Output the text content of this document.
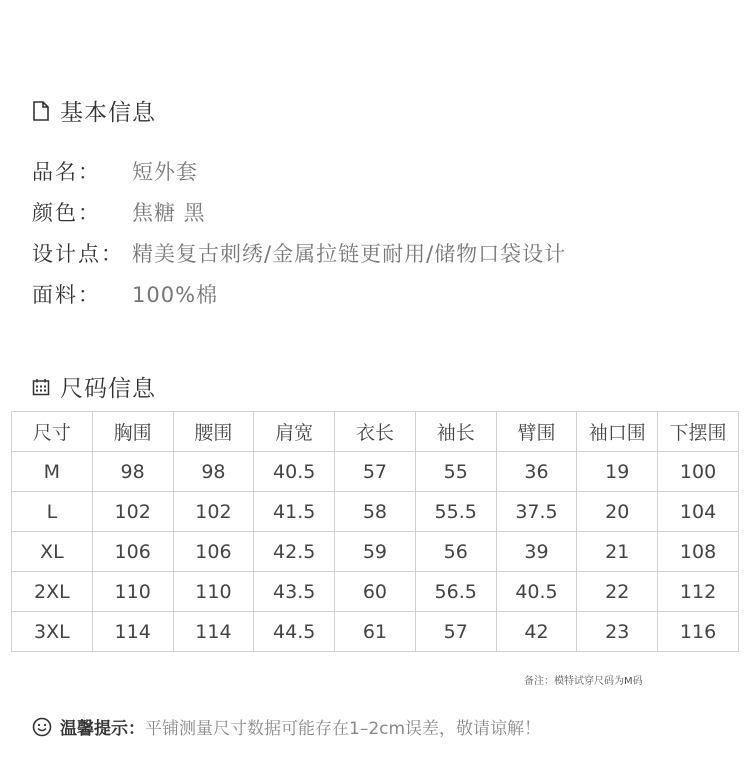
基本信息
品名：	短外套
颜色：	焦糖 黑
设计点： 精美复古刺绣/金属拉链更耐用/储物口袋设计
面料：	100%棉
尺码信息
尺寸	胸围	腰围	肩宽	衣长	袖长	臂围	袖口围	下摆围
M	98	98	40.5	57	55	36	19	100
L	102	102	41.5	58	55.5	37.5	20	104
XL	106	106	42.5	59	56	39	21	108
2XL	110	110	43.5	60	56.5	40.5	22	112
3XL	114	114	44.5	61	57	42	23	116
备注：模特试穿尺码为M码
温馨提示： 平铺测量尺寸数据可能存在1–2cm误差，敬请谅解！
